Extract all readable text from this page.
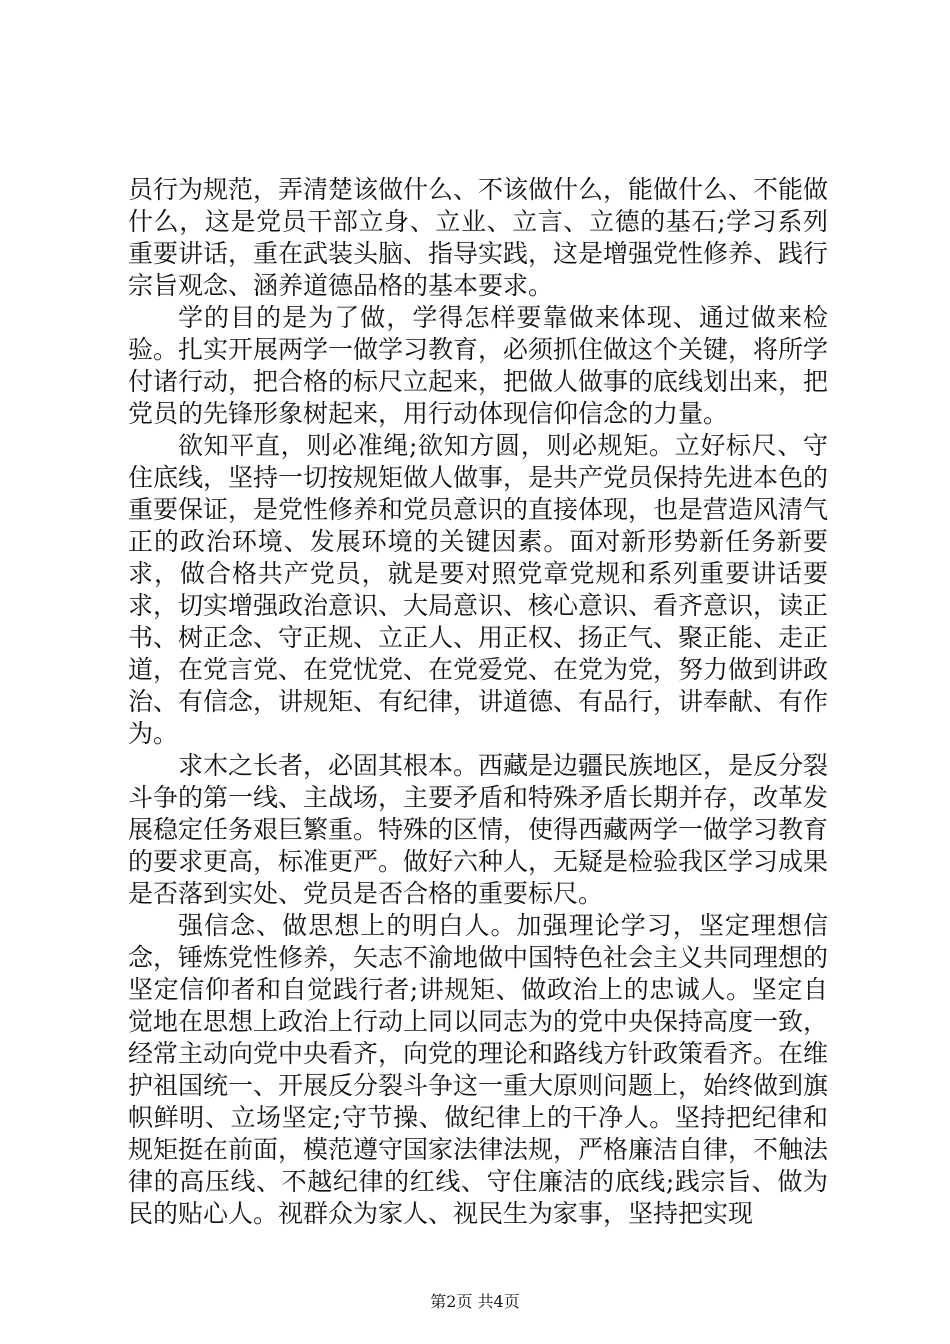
员行为规范，弄清楚该做什么、不该做什么，能做什么、不能做什么，这是党员干部立身、立业、立言、立德的基石;学习系列重要讲话，重在武装头脑、指导实践，这是增强党性修养、践行宗旨观念、涵养道德品格的基本要求。

学的目的是为了做，学得怎样要靠做来体现、通过做来检验。扎实开展两学一做学习教育，必须抓住做这个关键，将所学付诸行动，把合格的标尺立起来，把做人做事的底线划出来，把党员的先锋形象树起来，用行动体现信仰信念的力量。

欲知平直，则必准绳;欲知方圆，则必规矩。立好标尺、守住底线，坚持一切按规矩做人做事，是共产党员保持先进本色的重要保证，是党性修养和党员意识的直接体现，也是营造风清气正的政治环境、发展环境的关键因素。面对新形势新任务新要求，做合格共产党员，就是要对照党章党规和系列重要讲话要求，切实增强政治意识、大局意识、核心意识、看齐意识，读正书、树正念、守正规、立正人、用正权、扬正气、聚正能、走正道，在党言党、在党忧党、在党爱党、在党为党，努力做到讲政治、有信念，讲规矩、有纪律，讲道德、有品行，讲奉献、有作为。

求木之长者，必固其根本。西藏是边疆民族地区，是反分裂斗争的第一线、主战场，主要矛盾和特殊矛盾长期并存，改革发展稳定任务艰巨繁重。特殊的区情，使得西藏两学一做学习教育的要求更高，标准更严。做好六种人，无疑是检验我区学习成果是否落到实处、党员是否合格的重要标尺。

强信念、做思想上的明白人。加强理论学习，坚定理想信念，锤炼党性修养，矢志不渝地做中国特色社会主义共同理想的坚定信仰者和自觉践行者;讲规矩、做政治上的忠诚人。坚定自觉地在思想上政治上行动上同以同志为的党中央保持高度一致，经常主动向党中央看齐，向党的理论和路线方针政策看齐。在维护祖国统一、开展反分裂斗争这一重大原则问题上，始终做到旗帜鲜明、立场坚定;守节操、做纪律上的干净人。坚持把纪律和规矩挺在前面，模范遵守国家法律法规，严格廉洁自律，不触法律的高压线、不越纪律的红线、守住廉洁的底线;践宗旨、做为民的贴心人。视群众为家人、视民生为家事，坚持把实现

第2页 共4页
